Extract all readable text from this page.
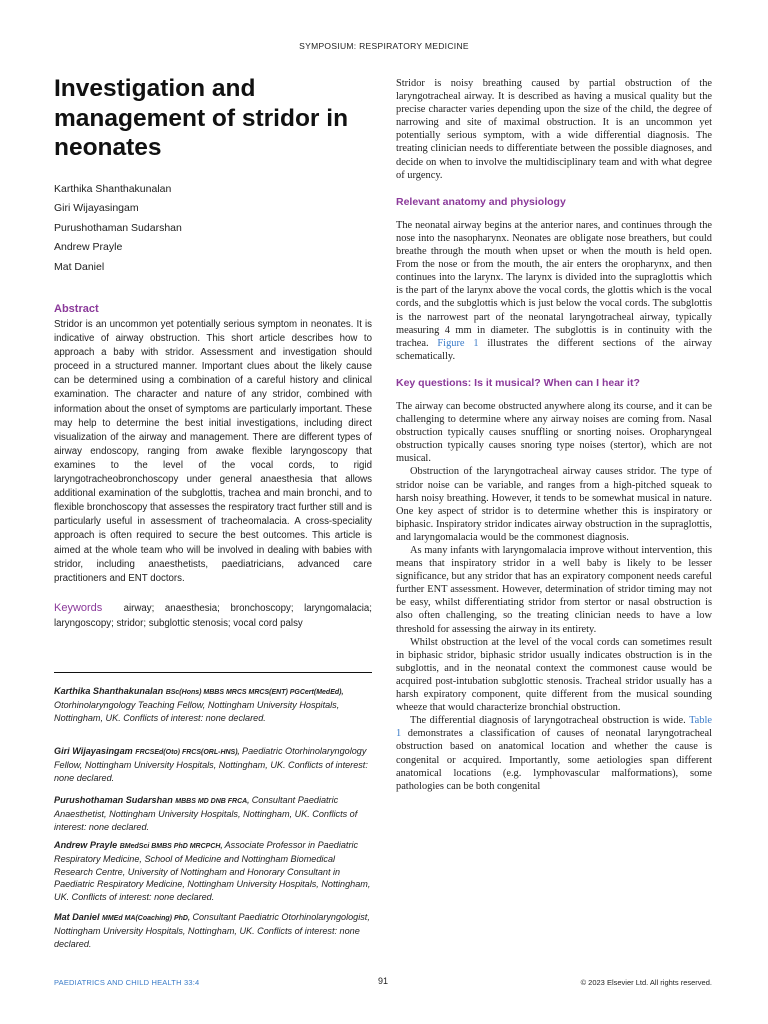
SYMPOSIUM: RESPIRATORY MEDICINE
Investigation and management of stridor in neonates
Karthika Shanthakunalan
Giri Wijayasingam
Purushothaman Sudarshan
Andrew Prayle
Mat Daniel
Abstract

Stridor is an uncommon yet potentially serious symptom in neonates. It is indicative of airway obstruction. This short article describes how to approach a baby with stridor. Assessment and investigation should proceed in a structured manner. Important clues about the likely cause can be determined using a combination of a careful history and clinical examination. The character and nature of any stridor, combined with information about the onset of symptoms are particularly important. These may help to determine the best initial investigations, including direct visualization of the airway and management. There are different types of airway endoscopy, ranging from awake flexible laryngoscopy that examines to the level of the vocal cords, to rigid laryngotracheobronchoscopy under general anaesthesia that allows additional examination of the subglottis, trachea and main bronchi, and to flexible bronchoscopy that assesses the respiratory tract further still and is particularly useful in assessment of tracheomalacia. A cross-speciality approach is often required to secure the best outcomes. This article is aimed at the whole team who will be involved in dealing with babies with stridor, including anaesthetists, paediatricians, advanced care practitioners and ENT doctors.

Keywords airway; anaesthesia; bronchoscopy; laryngomalacia; laryngoscopy; stridor; subglottic stenosis; vocal cord palsy

Karthika Shanthakunalan BSc(Hons) MBBS MRCS MRCS(ENT) PGCert(MedEd), Otorhinolaryngology Teaching Fellow, Nottingham University Hospitals, Nottingham, UK. Conflicts of interest: none declared.

Giri Wijayasingam FRCSEd(Oto) FRCS(ORL-HNS), Paediatric Otorhinolaryngology Fellow, Nottingham University Hospitals, Nottingham, UK. Conflicts of interest: none declared.

Purushothaman Sudarshan MBBS MD DNB FRCA, Consultant Paediatric Anaesthetist, Nottingham University Hospitals, Nottingham, UK. Conflicts of interest: none declared.

Andrew Prayle BMedSci BMBS PhD MRCPCH, Associate Professor in Paediatric Respiratory Medicine, School of Medicine and Nottingham Biomedical Research Centre, University of Nottingham and Honorary Consultant in Paediatric Respiratory Medicine, Nottingham University Hospitals, Nottingham, UK. Conflicts of interest: none declared.

Mat Daniel MMEd MA(Coaching) PhD, Consultant Paediatric Otorhinolaryngologist, Nottingham University Hospitals, Nottingham, UK. Conflicts of interest: none declared.

Stridor is noisy breathing caused by partial obstruction of the laryngotracheal airway. It is described as having a musical quality but the precise character varies depending upon the size of the child, the degree of narrowing and site of maximal obstruction. It is an uncommon yet potentially serious symptom, with a wide differential diagnosis. The treating clinician needs to differentiate between the possible diagnoses, and decide on when to involve the multidisciplinary team and with what degree of urgency.

Relevant anatomy and physiology

The neonatal airway begins at the anterior nares, and continues through the nose into the nasopharynx. Neonates are obligate nose breathers, but could breathe through the mouth when upset or when the mouth is held open. From the nose or from the mouth, the air enters the oropharynx, and then continues into the larynx. The larynx is divided into the supraglottis which is the part of the larynx above the vocal cords, the glottis which is the vocal cords, and the subglottis which is just below the vocal cords. The subglottis is the narrowest part of the neonatal laryngotracheal airway, typically measuring 4 mm in diameter. The subglottis is in continuity with the trachea. Figure 1 illustrates the different sections of the airway schematically.

Key questions: Is it musical? When can I hear it?

The airway can become obstructed anywhere along its course, and it can be challenging to determine where any airway noises are coming from. Nasal obstruction typically causes snuffling or snorting noises. Oropharyngeal obstruction typically causes snoring type noises (stertor), which are not musical.

Obstruction of the laryngotracheal airway causes stridor. The type of stridor noise can be variable, and ranges from a high-pitched squeak to harsh noisy breathing. However, it tends to be somewhat musical in nature. One key aspect of stridor is to determine whether this is inspiratory or biphasic. Inspiratory stridor indicates airway obstruction in the supraglottis, and laryngomalacia would be the commonest diagnosis.

As many infants with laryngomalacia improve without intervention, this means that inspiratory stridor in a well baby is likely to be lesser significance, but any stridor that has an expiratory component needs careful further ENT assessment. However, determination of stridor timing may not be easy, whilst differentiating stridor from stertor or nasal obstruction is also often challenging, so the treating clinician needs to have a low threshold for assessing the airway in its entirety.

Whilst obstruction at the level of the vocal cords can sometimes result in biphasic stridor, biphasic stridor usually indicates obstruction is in the subglottis, and in the neonatal context the commonest cause would be acquired post-intubation subglottic stenosis. Tracheal stridor usually has a harsh expiratory component, quite different from the musical sounding wheeze that would characterize bronchial obstruction.

The differential diagnosis of laryngotracheal obstruction is wide. Table 1 demonstrates a classification of causes of neonatal laryngotracheal obstruction based on anatomical location and whether the cause is congenital or acquired. Importantly, some aetiologies span different anatomical locations (e.g. lymphovascular malformations), some pathologies can be both congenital

PAEDIATRICS AND CHILD HEALTH 33:4	91	© 2023 Elsevier Ltd. All rights reserved.
